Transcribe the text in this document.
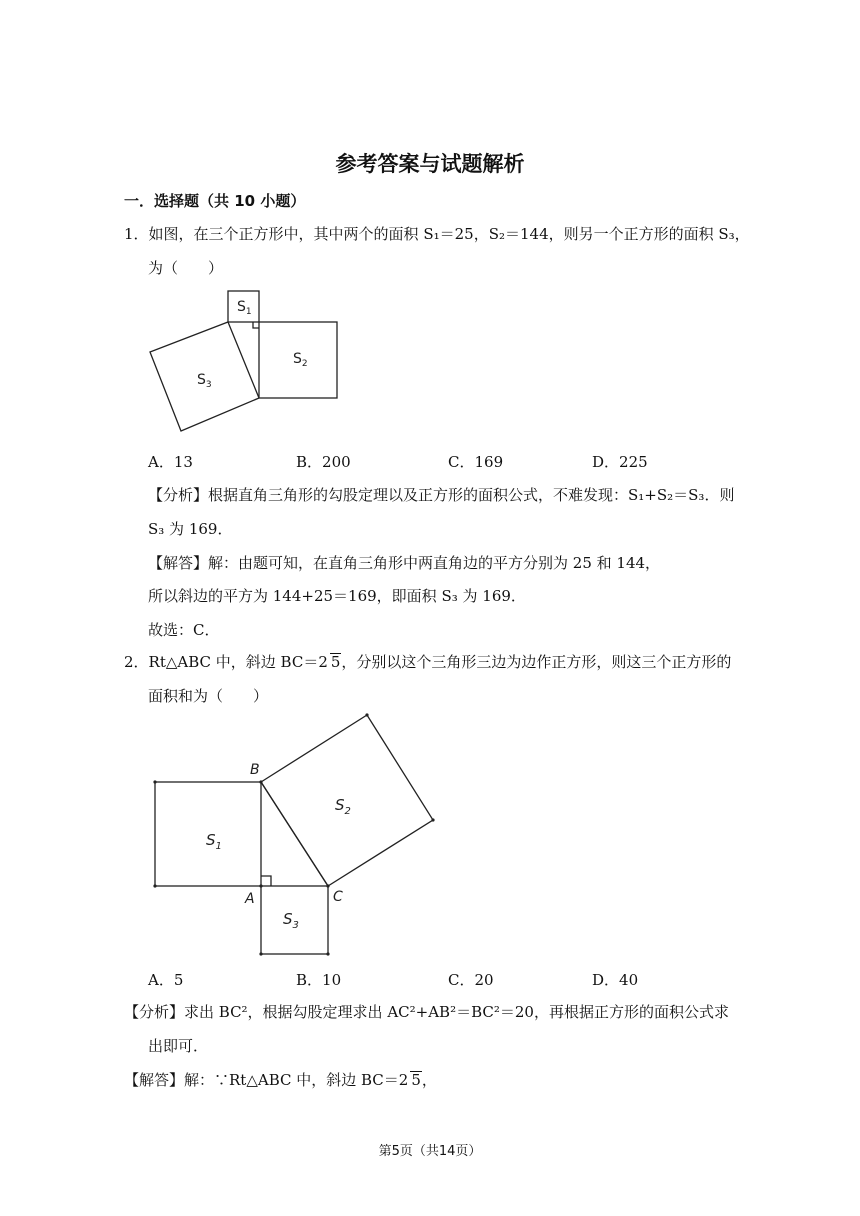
参考答案与试题解析
一．选择题（共 10 小题）
1．如图，在三个正方形中，其中两个的面积 S₁＝25，S₂＝144，则另一个正方形的面积 S₃，
为（　　）
$S_1$
$S_2$
$S_3$
A．13	B．200	C．169	D．225
【分析】根据直角三角形的勾股定理以及正方形的面积公式，不难发现：S₁+S₂＝S₃．则
S₃ 为 169．
【解答】解：由题可知，在直角三角形中两直角边的平方分别为 25 和 144，
所以斜边的平方为 144+25＝169，即面积 S₃ 为 169．
故选：C．
2．Rt△ABC 中，斜边 BC＝2 5，分别以这个三角形三边为边作正方形，则这三个正方形的
面积和为（　　）
B
A	C
$S_1$
$S_2$
$S_3$
A．5	B．10	C．20	D．40
【分析】求出 BC²，根据勾股定理求出 AC²+AB²＝BC²＝20，再根据正方形的面积公式求
出即可．
【解答】解：∵Rt△ABC 中，斜边 BC＝2 5，
第5页（共14页）
